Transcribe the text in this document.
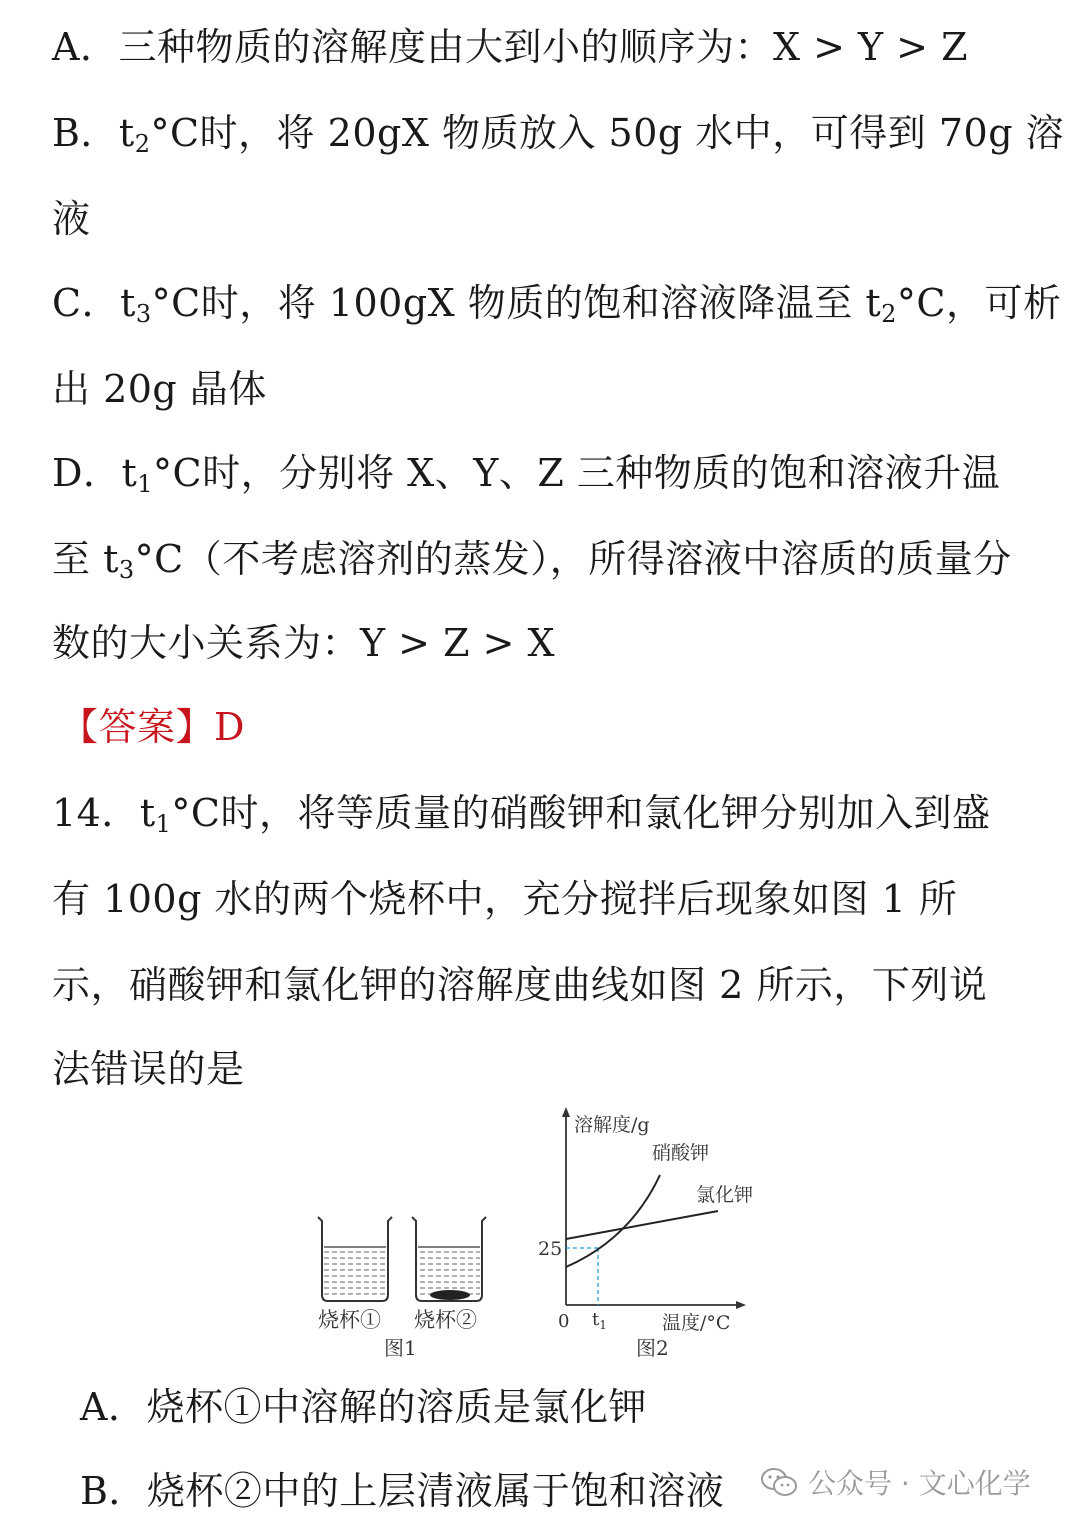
A．三种物质的溶解度由大到小的顺序为：X > Y > Z
B．t2°C时，将 20gX 物质放入 50g 水中，可得到 70g 溶
液
C．t3°C时，将 100gX 物质的饱和溶液降温至 t2°C，可析
出 20g 晶体
D．t1°C时，分别将 X、Y、Z 三种物质的饱和溶液升温
至 t3°C（不考虑溶剂的蒸发），所得溶液中溶质的质量分
数的大小关系为：Y > Z > X
【答案】D
14．t1°C时，将等质量的硝酸钾和氯化钾分别加入到盛
有 100g 水的两个烧杯中，充分搅拌后现象如图 1 所
示，硝酸钾和氯化钾的溶解度曲线如图 2 所示，下列说
法错误的是
烧杯① 烧杯②
图1
溶解度/g
硝酸钾
氯化钾
25
0 $t_1$	温度/°C
图2
A．烧杯①中溶解的溶质是氯化钾
B．烧杯②中的上层清液属于饱和溶液	公众号 · 文心化学
